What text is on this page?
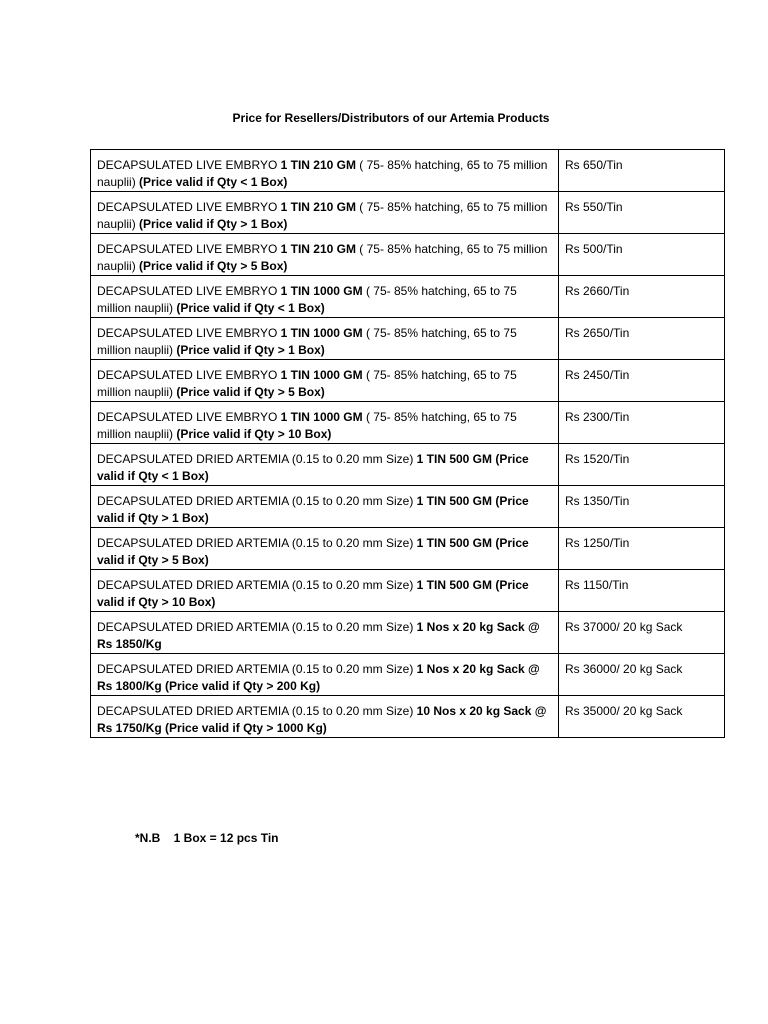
Price for Resellers/Distributors of our Artemia Products
DECAPSULATED LIVE EMBRYO 1 TIN 210 GM ( 75- 85% hatching, 65 to 75 million nauplii) (Price valid if Qty < 1 Box)	Rs 650/Tin
DECAPSULATED LIVE EMBRYO 1 TIN 210 GM ( 75- 85% hatching, 65 to 75 million nauplii) (Price valid if Qty > 1 Box)	Rs 550/Tin
DECAPSULATED LIVE EMBRYO 1 TIN 210 GM ( 75- 85% hatching, 65 to 75 million nauplii) (Price valid if Qty > 5 Box)	Rs 500/Tin
DECAPSULATED LIVE EMBRYO 1 TIN 1000 GM ( 75- 85% hatching, 65 to 75 million nauplii) (Price valid if Qty < 1 Box)	Rs 2660/Tin
DECAPSULATED LIVE EMBRYO 1 TIN 1000 GM ( 75- 85% hatching, 65 to 75 million nauplii) (Price valid if Qty > 1 Box)	Rs 2650/Tin
DECAPSULATED LIVE EMBRYO 1 TIN 1000 GM ( 75- 85% hatching, 65 to 75 million nauplii) (Price valid if Qty > 5 Box)	Rs 2450/Tin
DECAPSULATED LIVE EMBRYO 1 TIN 1000 GM ( 75- 85% hatching, 65 to 75 million nauplii) (Price valid if Qty > 10 Box)	Rs 2300/Tin
DECAPSULATED DRIED ARTEMIA (0.15 to 0.20 mm Size) 1 TIN 500 GM (Price valid if Qty < 1 Box)	Rs 1520/Tin
DECAPSULATED DRIED ARTEMIA (0.15 to 0.20 mm Size) 1 TIN 500 GM (Price valid if Qty > 1 Box)	Rs 1350/Tin
DECAPSULATED DRIED ARTEMIA (0.15 to 0.20 mm Size) 1 TIN 500 GM (Price valid if Qty > 5 Box)	Rs 1250/Tin
DECAPSULATED DRIED ARTEMIA (0.15 to 0.20 mm Size) 1 TIN 500 GM (Price valid if Qty > 10 Box)	Rs 1150/Tin
DECAPSULATED DRIED ARTEMIA (0.15 to 0.20 mm Size) 1 Nos x 20 kg Sack @ Rs 1850/Kg	Rs 37000/ 20 kg Sack
DECAPSULATED DRIED ARTEMIA (0.15 to 0.20 mm Size) 1 Nos x 20 kg Sack @ Rs 1800/Kg (Price valid if Qty > 200 Kg)	Rs 36000/ 20 kg Sack
DECAPSULATED DRIED ARTEMIA (0.15 to 0.20 mm Size) 10 Nos x 20 kg Sack @ Rs 1750/Kg (Price valid if Qty > 1000 Kg)	Rs 35000/ 20 kg Sack
*N.B    1 Box = 12 pcs Tin
